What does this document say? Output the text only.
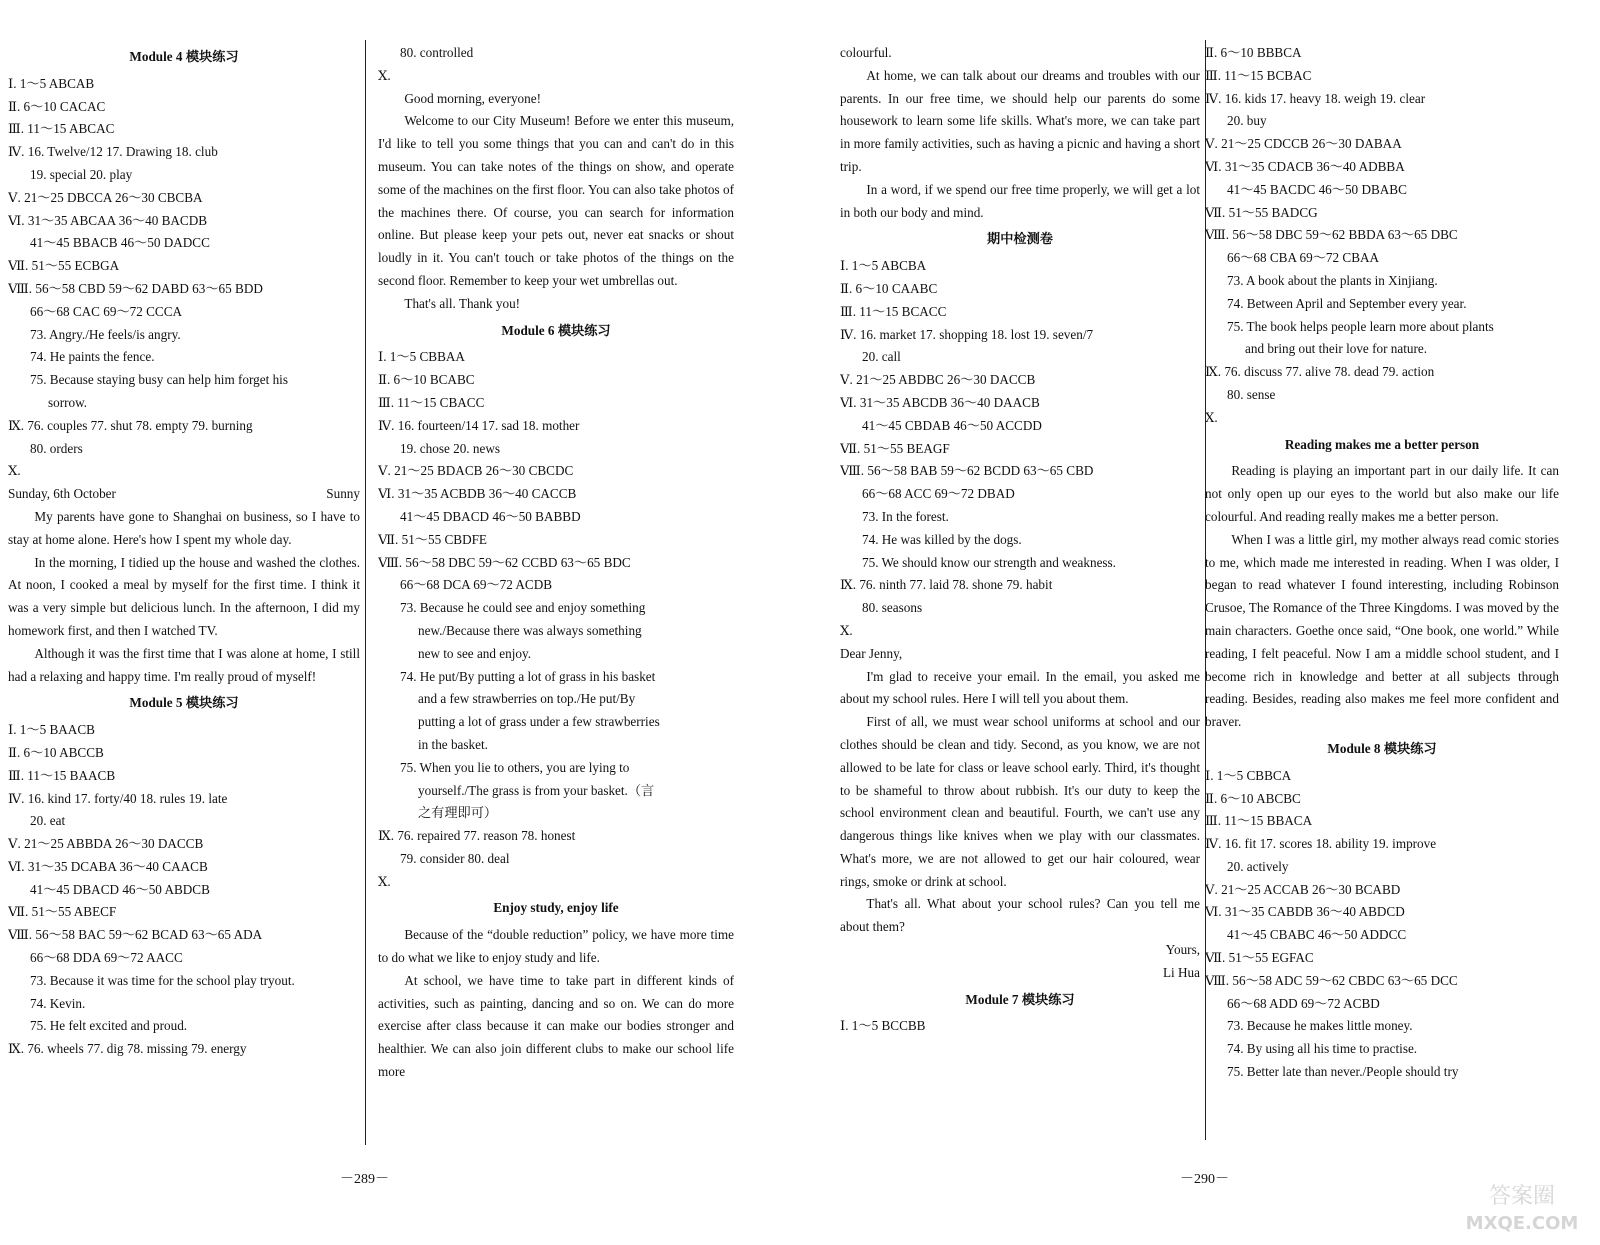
Module 4 模块练习
Ⅰ. 1～5 ABCAB
Ⅱ. 6～10 CACAC
Ⅲ. 11～15 ABCAC
Ⅳ. 16. Twelve/12 17. Drawing 18. club
19. special 20. play
Ⅴ. 21～25 DBCCA 26～30 CBCBA
Ⅵ. 31～35 ABCAA 36～40 BACDB
41～45 BBACB 46～50 DADCC
Ⅶ. 51～55 ECBGA
Ⅷ. 56～58 CBD 59～62 DABD 63～65 BDD
66～68 CAC 69～72 CCCA
73. Angry./He feels/is angry.
74. He paints the fence.
75. Because staying busy can help him forget his
sorrow.
Ⅸ. 76. couples 77. shut 78. empty 79. burning
80. orders
Ⅹ.
Sunday, 6th October	Sunny
My parents have gone to Shanghai on business, so I have to stay at home alone. Here's how I spent my whole day.
In the morning, I tidied up the house and washed the clothes. At noon, I cooked a meal by myself for the first time. I think it was a very simple but delicious lunch. In the afternoon, I did my homework first, and then I watched TV.
Although it was the first time that I was alone at home, I still had a relaxing and happy time. I'm really proud of myself!
Module 5 模块练习
Ⅰ. 1～5 BAACB
Ⅱ. 6～10 ABCCB
Ⅲ. 11～15 BAACB
Ⅳ. 16. kind 17. forty/40 18. rules 19. late
20. eat
Ⅴ. 21～25 ABBDA 26～30 DACCB
Ⅵ. 31～35 DCABA 36～40 CAACB
41～45 DBACD 46～50 ABDCB
Ⅶ. 51～55 ABECF
Ⅷ. 56～58 BAC 59～62 BCAD 63～65 ADA
66～68 DDA 69～72 AACC
73. Because it was time for the school play tryout.
74. Kevin.
75. He felt excited and proud.
Ⅸ. 76. wheels 77. dig 78. missing 79. energy
80. controlled
Ⅹ.
Good morning, everyone!
Welcome to our City Museum! Before we enter this museum, I'd like to tell you some things that you can and can't do in this museum. You can take notes of the things on show, and operate some of the machines on the first floor. You can also take photos of the machines there. Of course, you can search for information online. But please keep your pets out, never eat snacks or shout loudly in it. You can't touch or take photos of the things on the second floor. Remember to keep your wet umbrellas out.
That's all. Thank you!
Module 6 模块练习
Ⅰ. 1～5 CBBAA
Ⅱ. 6～10 BCABC
Ⅲ. 11～15 CBACC
Ⅳ. 16. fourteen/14 17. sad 18. mother
19. chose 20. news
Ⅴ. 21～25 BDACB 26～30 CBCDC
Ⅵ. 31～35 ACBDB 36～40 CACCB
41～45 DBACD 46～50 BABBD
Ⅶ. 51～55 CBDFE
Ⅷ. 56～58 DBC 59～62 CCBD 63～65 BDC
66～68 DCA 69～72 ACDB
73. Because he could see and enjoy something
new./Because there was always something
new to see and enjoy.
74. He put/By putting a lot of grass in his basket
and a few strawberries on top./He put/By
putting a lot of grass under a few strawberries
in the basket.
75. When you lie to others, you are lying to
yourself./The grass is from your basket.（言
之有理即可）
Ⅸ. 76. repaired 77. reason 78. honest
79. consider 80. deal
Ⅹ.
Enjoy study, enjoy life
Because of the “double reduction” policy, we have more time to do what we like to enjoy study and life.
At school, we have time to take part in different kinds of activities, such as painting, dancing and so on. We can do more exercise after class because it can make our bodies stronger and healthier. We can also join different clubs to make our school life more
－289－
colourful.
At home, we can talk about our dreams and troubles with our parents. In our free time, we should help our parents do some housework to learn some life skills. What's more, we can take part in more family activities, such as having a picnic and having a short trip.
In a word, if we spend our free time properly, we will get a lot in both our body and mind.
期中检测卷
Ⅰ. 1～5 ABCBA
Ⅱ. 6～10 CAABC
Ⅲ. 11～15 BCACC
Ⅳ. 16. market 17. shopping 18. lost 19. seven/7
20. call
Ⅴ. 21～25 ABDBC 26～30 DACCB
Ⅵ. 31～35 ABCDB 36～40 DAACB
41～45 CBDAB 46～50 ACCDD
Ⅶ. 51～55 BEAGF
Ⅷ. 56～58 BAB 59～62 BCDD 63～65 CBD
66～68 ACC 69～72 DBAD
73. In the forest.
74. He was killed by the dogs.
75. We should know our strength and weakness.
Ⅸ. 76. ninth 77. laid 78. shone 79. habit
80. seasons
Ⅹ.
Dear Jenny,
I'm glad to receive your email. In the email, you asked me about my school rules. Here I will tell you about them.
First of all, we must wear school uniforms at school and our clothes should be clean and tidy. Second, as you know, we are not allowed to be late for class or leave school early. Third, it's thought to be shameful to throw about rubbish. It's our duty to keep the school environment clean and beautiful. Fourth, we can't use any dangerous things like knives when we play with our classmates. What's more, we are not allowed to get our hair coloured, wear rings, smoke or drink at school.
That's all. What about your school rules? Can you tell me about them?
Yours,
Li Hua
Module 7 模块练习
Ⅰ. 1～5 BCCBB
Ⅱ. 6～10 BBBCA
Ⅲ. 11～15 BCBAC
Ⅳ. 16. kids 17. heavy 18. weigh 19. clear
20. buy
Ⅴ. 21～25 CDCCB 26～30 DABAA
Ⅵ. 31～35 CDACB 36～40 ADBBA
41～45 BACDC 46～50 DBABC
Ⅶ. 51～55 BADCG
Ⅷ. 56～58 DBC 59～62 BBDA 63～65 DBC
66～68 CBA 69～72 CBAA
73. A book about the plants in Xinjiang.
74. Between April and September every year.
75. The book helps people learn more about plants
and bring out their love for nature.
Ⅸ. 76. discuss 77. alive 78. dead 79. action
80. sense
Ⅹ.
Reading makes me a better person
Reading is playing an important part in our daily life. It can not only open up our eyes to the world but also make our life colourful. And reading really makes me a better person.
When I was a little girl, my mother always read comic stories to me, which made me interested in reading. When I was older, I began to read whatever I found interesting, including Robinson Crusoe, The Romance of the Three Kingdoms. I was moved by the main characters. Goethe once said, “One book, one world.” While reading, I felt peaceful. Now I am a middle school student, and I become rich in knowledge and better at all subjects through reading. Besides, reading also makes me feel more confident and braver.
Module 8 模块练习
Ⅰ. 1～5 CBBCA
Ⅱ. 6～10 ABCBC
Ⅲ. 11～15 BBACA
Ⅳ. 16. fit 17. scores 18. ability 19. improve
20. actively
Ⅴ. 21～25 ACCAB 26～30 BCABD
Ⅵ. 31～35 CABDB 36～40 ABDCD
41～45 CBABC 46～50 ADDCC
Ⅶ. 51～55 EGFAC
Ⅷ. 56～58 ADC 59～62 CBDC 63～65 DCC
66～68 ADD 69～72 ACBD
73. Because he makes little money.
74. By using all his time to practise.
75. Better late than never./People should try
－290－
答案圈
MXQE.COM
